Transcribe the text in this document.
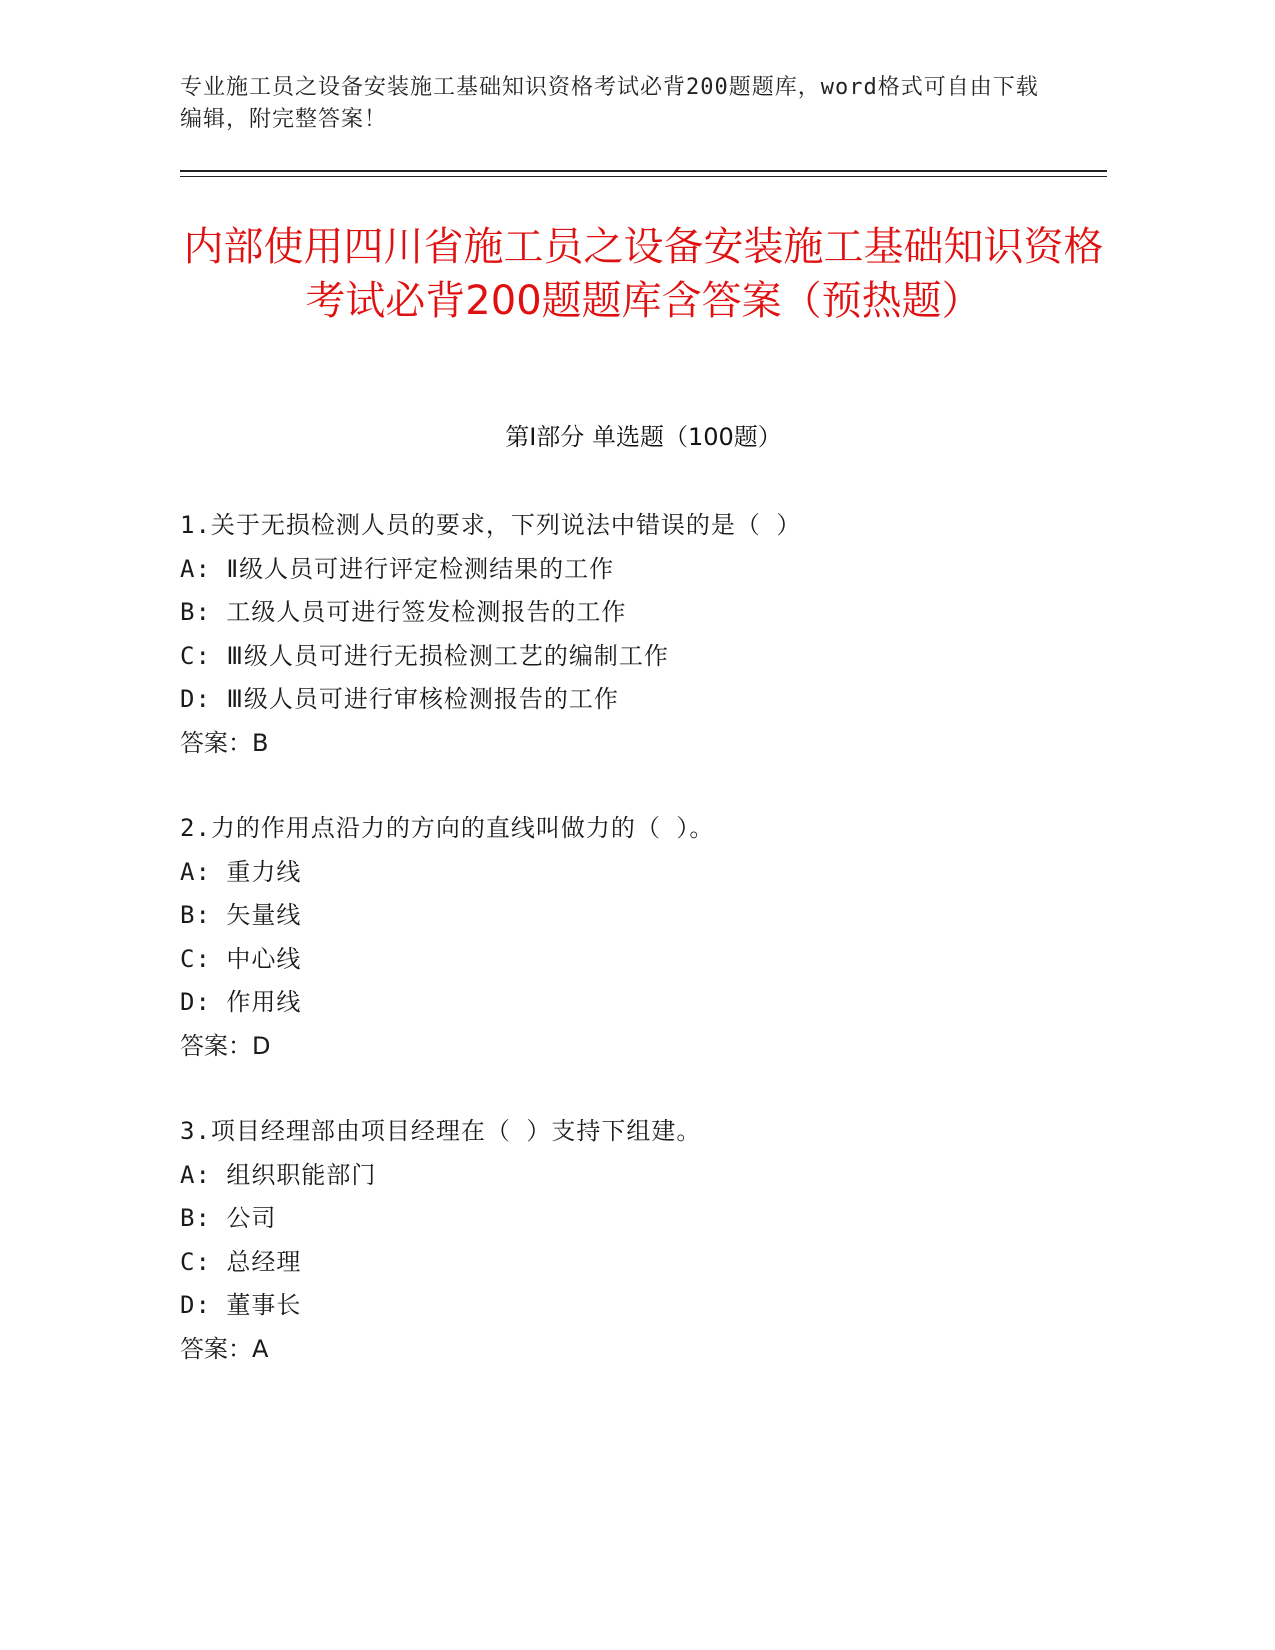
专业施工员之设备安装施工基础知识资格考试必背200题题库，word格式可自由下载编辑，附完整答案！
内部使用四川省施工员之设备安装施工基础知识资格考试必背200题题库含答案（预热题）
第Ⅰ部分 单选题（100题）
1.关于无损检测人员的要求，下列说法中错误的是（ ）
A: Ⅱ级人员可进行评定检测结果的工作
B: 工级人员可进行签发检测报告的工作
C: Ⅲ级人员可进行无损检测工艺的编制工作
D: Ⅲ级人员可进行审核检测报告的工作
答案：B
2.力的作用点沿力的方向的直线叫做力的（ ）。
A: 重力线
B: 矢量线
C: 中心线
D: 作用线
答案：D
3.项目经理部由项目经理在（ ）支持下组建。
A: 组织职能部门
B: 公司
C: 总经理
D: 董事长
答案：A
